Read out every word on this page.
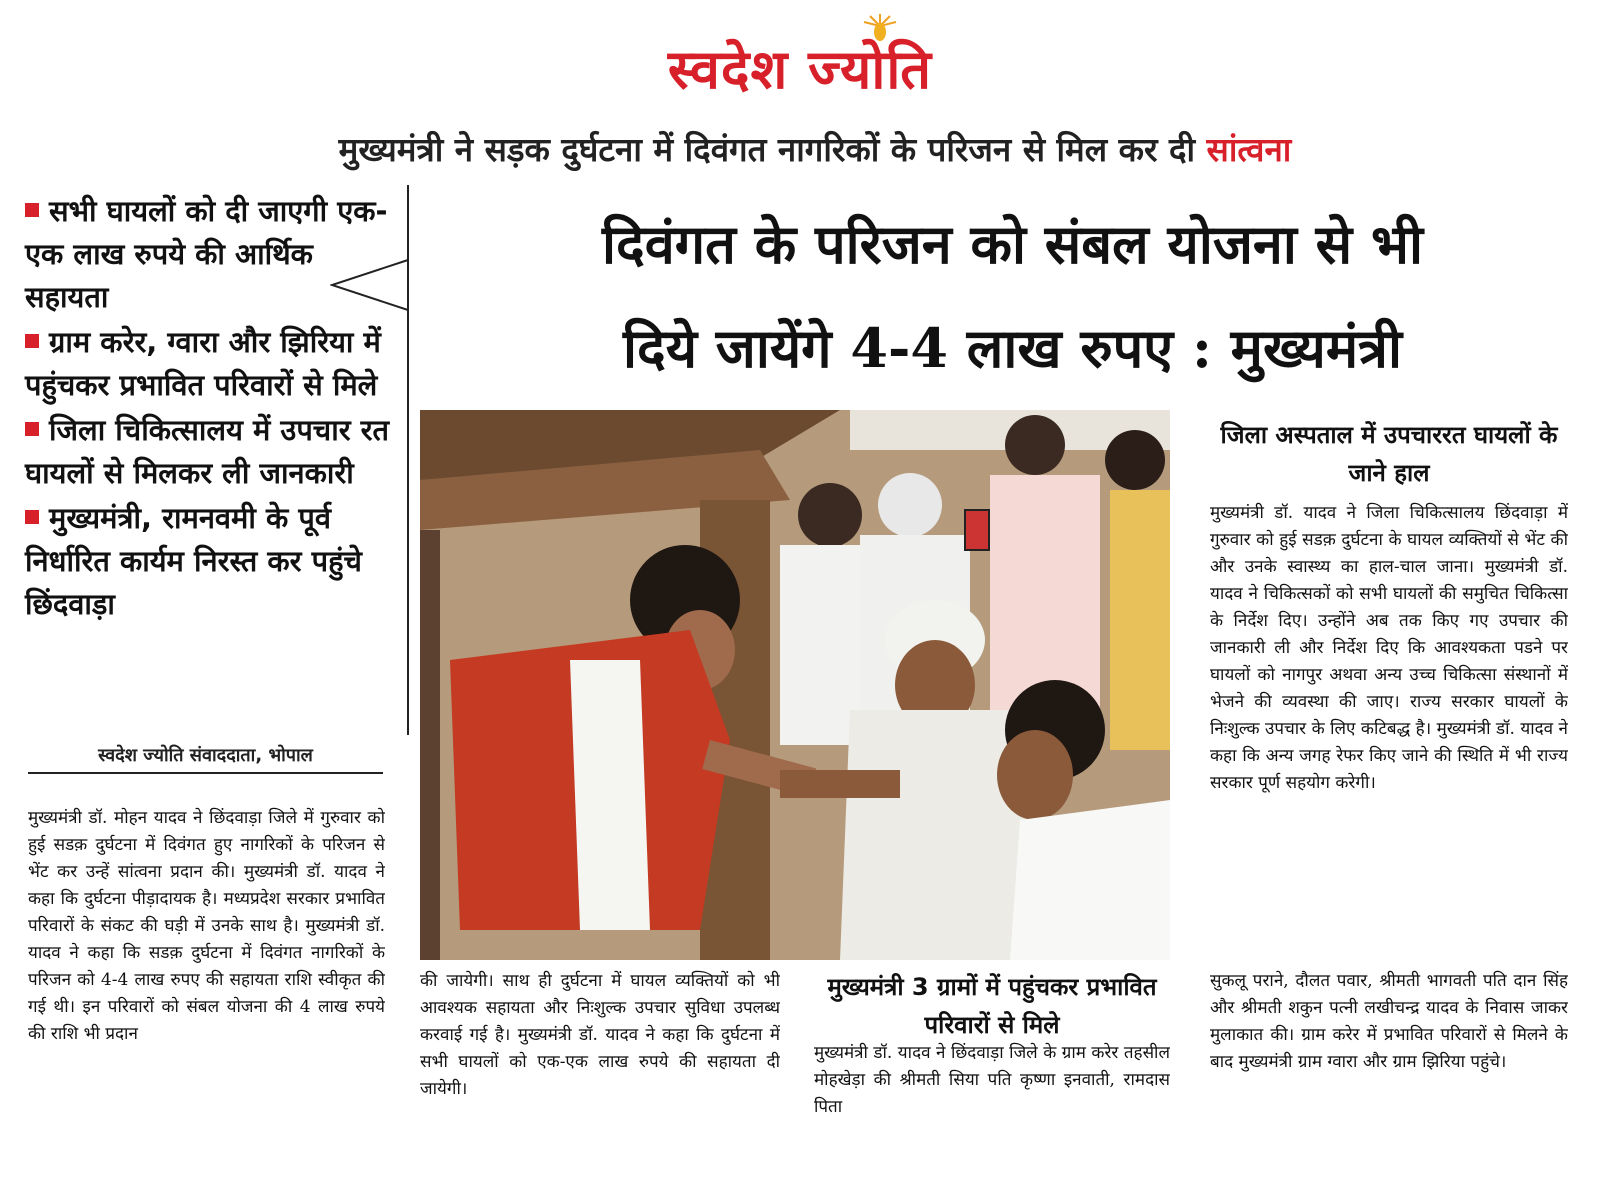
स्वदेश ज्योति
मुख्यमंत्री ने सड़क दुर्घटना में दिवंगत नागरिकों के परिजन से मिल कर दी सांत्वना
दिवंगत के परिजन को संबल योजना से भी
दिये जायेंगे 4-4 लाख रुपए : मुख्यमंत्री
सभी घायलों को दी जाएगी एक-एक लाख रुपये की आर्थिक सहायता
ग्राम करेर, ग्वारा और झिरिया में पहुंचकर प्रभावित परिवारों से मिले
जिला चिकित्सालय में उपचार रत घायलों से मिलकर ली जानकारी
मुख्यमंत्री, रामनवमी के पूर्व निर्धारित कार्यम निरस्त कर पहुंचे छिंदवाड़ा
स्वदेश ज्योति संवाददाता, भोपाल

मुख्यमंत्री डॉ. मोहन यादव ने छिंदवाड़ा जिले में गुरुवार को हुई सडक़ दुर्घटना में दिवंगत हुए नागरिकों के परिजन से भेंट कर उन्हें सांत्वना प्रदान की। मुख्यमंत्री डॉ. यादव ने कहा कि दुर्घटना पीड़ादायक है। मध्यप्रदेश सरकार प्रभावित परिवारों के संकट की घड़ी में उनके साथ है। मुख्यमंत्री डॉ. यादव ने कहा कि सडक़ दुर्घटना में दिवंगत नागरिकों के परिजन को 4-4 लाख रुपए की सहायता राशि स्वीकृत की गई थी। इन परिवारों को संबल योजना की 4 लाख रुपये की राशि भी प्रदान

की जायेगी। साथ ही दुर्घटना में घायल व्यक्तियों को भी आवश्यक सहायता और निःशुल्क उपचार सुविधा उपलब्ध करवाई गई है। मुख्यमंत्री डॉ. यादव ने कहा कि दुर्घटना में सभी घायलों को एक-एक लाख रुपये की सहायता दी जायेगी।

मुख्यमंत्री 3 ग्रामों में पहुंचकर प्रभावित परिवारों से मिले

मुख्यमंत्री डॉ. यादव ने छिंदवाड़ा जिले के ग्राम करेर तहसील मोहखेड़ा की श्रीमती सिया पति कृष्णा इनवाती, रामदास पिता

जिला अस्पताल में उपचाररत घायलों के जाने हाल

मुख्यमंत्री डॉ. यादव ने जिला चिकित्सालय छिंदवाड़ा में गुरुवार को हुई सडक़ दुर्घटना के घायल व्यक्तियों से भेंट की और उनके स्वास्थ्य का हाल-चाल जाना। मुख्यमंत्री डॉ. यादव ने चिकित्सकों को सभी घायलों की समुचित चिकित्सा के निर्देश दिए। उन्होंने अब तक किए गए उपचार की जानकारी ली और निर्देश दिए कि आवश्यकता पडने पर घायलों को नागपुर अथवा अन्य उच्च चिकित्सा संस्थानों में भेजने की व्यवस्था की जाए। राज्य सरकार घायलों के निःशुल्क उपचार के लिए कटिबद्ध है। मुख्यमंत्री डॉ. यादव ने कहा कि अन्य जगह रेफर किए जाने की स्थिति में भी राज्य सरकार पूर्ण सहयोग करेगी।

सुकलू पराने, दौलत पवार, श्रीमती भागवती पति दान सिंह और श्रीमती शकुन पत्नी लखीचन्द्र यादव के निवास जाकर मुलाकात की। ग्राम करेर में प्रभावित परिवारों से मिलने के बाद मुख्यमंत्री ग्राम ग्वारा और ग्राम झिरिया पहुंचे।
